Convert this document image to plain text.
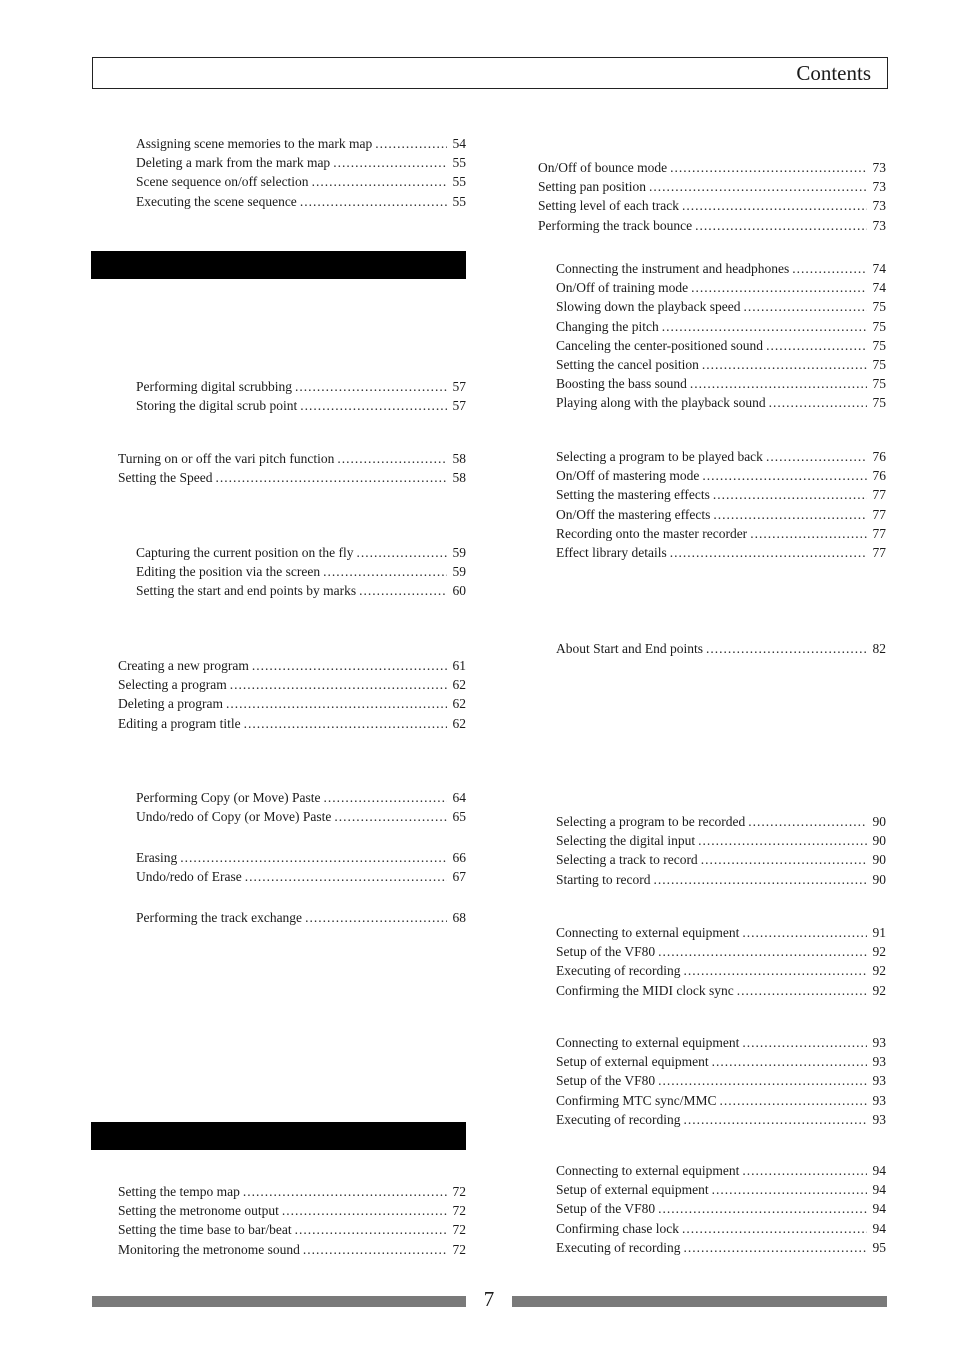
Contents
Assigning scene memories to the mark map .....	54
Deleting a mark from the mark map .....	55
Scene sequence on/off selection .....	55
Executing the scene sequence .....	55
Performing digital scrubbing .....	57
Storing the digital scrub point .....	57
Turning on or off the vari pitch function .....	58
Setting the Speed .....	58
Capturing the current position on the fly .....	59
Editing the position via the screen .....	59
Setting the start and end points by marks .....	60
Creating a new program .....	61
Selecting a program .....	62
Deleting a program .....	62
Editing a program title .....	62
Performing Copy (or Move) Paste .....	64
Undo/redo of Copy (or Move) Paste .....	65
Erasing .....	66
Undo/redo of Erase .....	67
Performing the track exchange .....	68
Setting the tempo map .....	72
Setting the metronome output .....	72
Setting the time base to bar/beat .....	72
Monitoring the metronome sound .....	72
On/Off of bounce mode .....	73
Setting pan position .....	73
Setting level of each track .....	73
Performing the track bounce .....	73
Connecting the instrument and headphones .....	74
On/Off of training mode .....	74
Slowing down the playback speed .....	75
Changing the pitch .....	75
Canceling the center-positioned sound .....	75
Setting the cancel position .....	75
Boosting the bass sound .....	75
Playing along with the playback sound .....	75
Selecting a program to be played back .....	76
On/Off of mastering mode .....	76
Setting the mastering effects .....	77
On/Off the mastering effects .....	77
Recording onto the master recorder .....	77
Effect library details .....	77
About Start and End points .....	82
Selecting a program to be recorded .....	90
Selecting the digital input .....	90
Selecting a track to record .....	90
Starting to record .....	90
Connecting to external equipment .....	91
Setup of the VF80 .....	92
Executing of recording .....	92
Confirming the MIDI clock sync .....	92
Connecting to external equipment .....	93
Setup of external equipment .....	93
Setup of the VF80 .....	93
Confirming MTC sync/MMC .....	93
Executing of recording .....	93
Connecting to external equipment .....	94
Setup of external equipment .....	94
Setup of the VF80 .....	94
Confirming chase lock .....	94
Executing of recording .....	95
7
